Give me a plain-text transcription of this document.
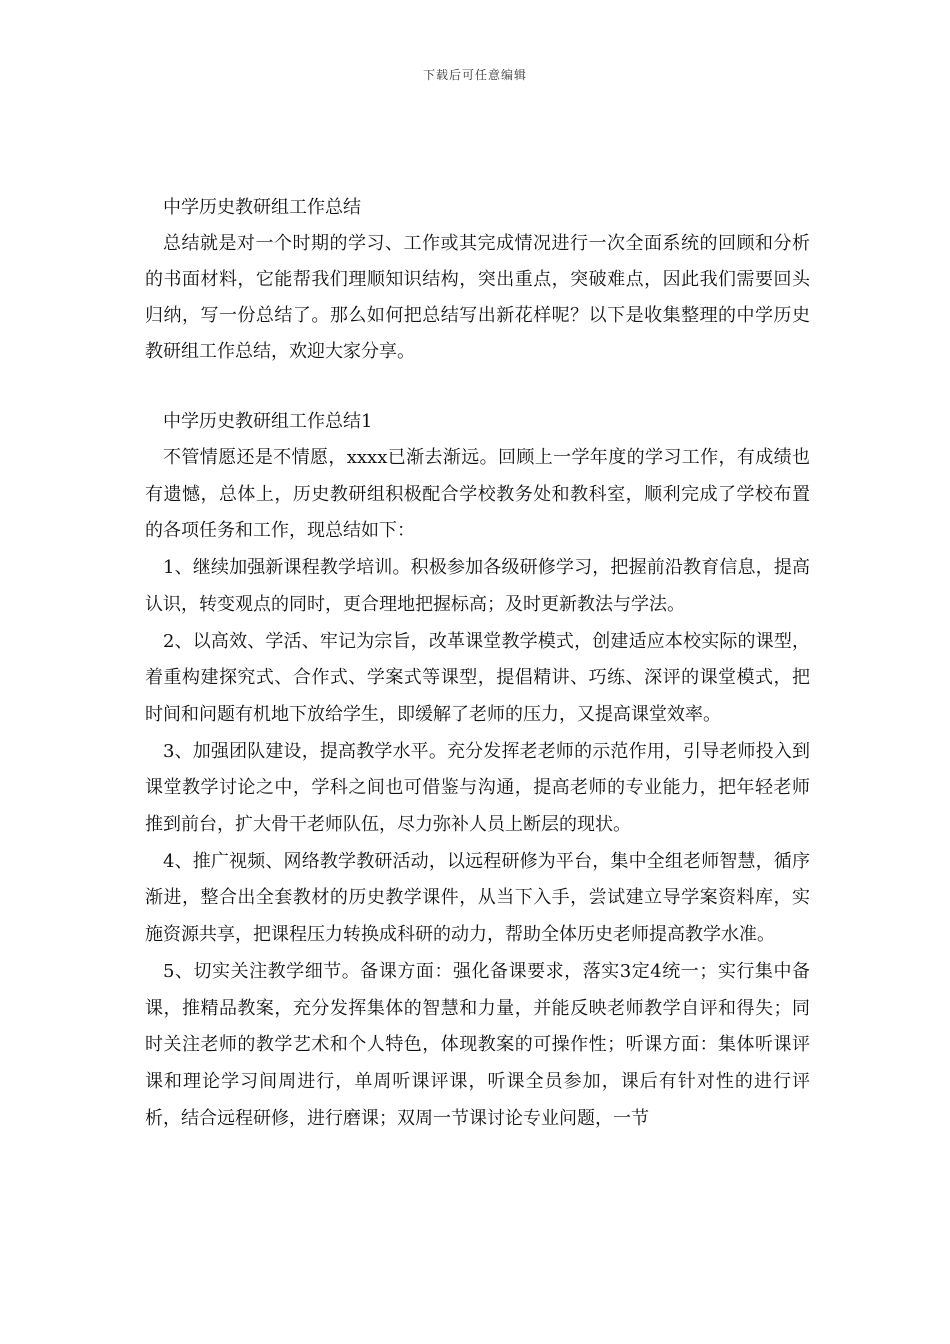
下载后可任意编辑
中学历史教研组工作总结

总结就是对一个时期的学习、工作或其完成情况进行一次全面系统的回顾和分析的书面材料，它能帮我们理顺知识结构，突出重点，突破难点，因此我们需要回头归纳，写一份总结了。那么如何把总结写出新花样呢？以下是收集整理的中学历史教研组工作总结，欢迎大家分享。

中学历史教研组工作总结1

不管情愿还是不情愿，xxxx已渐去渐远。回顾上一学年度的学习工作，有成绩也有遗憾，总体上，历史教研组积极配合学校教务处和教科室，顺利完成了学校布置的各项任务和工作，现总结如下：

1、继续加强新课程教学培训。积极参加各级研修学习，把握前沿教育信息，提高认识，转变观点的同时，更合理地把握标高；及时更新教法与学法。

2、以高效、学活、牢记为宗旨，改革课堂教学模式，创建适应本校实际的课型，着重构建探究式、合作式、学案式等课型，提倡精讲、巧练、深评的课堂模式，把时间和问题有机地下放给学生，即缓解了老师的压力，又提高课堂效率。

3、加强团队建设，提高教学水平。充分发挥老老师的示范作用，引导老师投入到课堂教学讨论之中，学科之间也可借鉴与沟通，提高老师的专业能力，把年轻老师推到前台，扩大骨干老师队伍，尽力弥补人员上断层的现状。

4、推广视频、网络教学教研活动，以远程研修为平台，集中全组老师智慧，循序渐进，整合出全套教材的历史教学课件，从当下入手，尝试建立导学案资料库，实施资源共享，把课程压力转换成科研的动力，帮助全体历史老师提高教学水准。

5、切实关注教学细节。备课方面：强化备课要求，落实3定4统一；实行集中备课，推精品教案，充分发挥集体的智慧和力量，并能反映老师教学自评和得失；同时关注老师的教学艺术和个人特色，体现教案的可操作性；听课方面：集体听课评课和理论学习间周进行，单周听课评课，听课全员参加，课后有针对性的进行评析，结合远程研修，进行磨课；双周一节课讨论专业问题，一节
